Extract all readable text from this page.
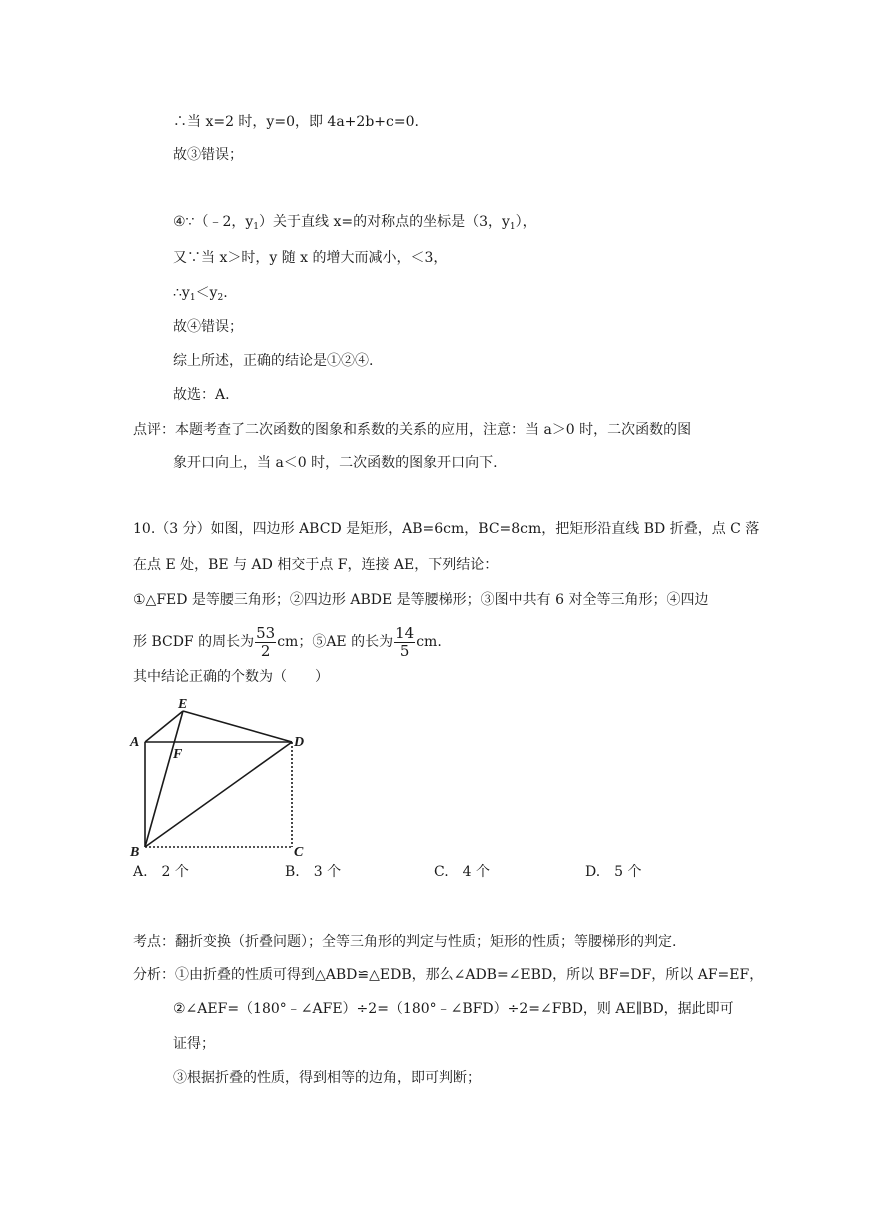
∴当 x=2 时，y=0，即 4a+2b+c=0.
故③错误；
④∵（﹣2，$y_1$）关于直线 x=的对称点的坐标是（3，$y_1$），
又∵当 x＞时，y 随 x 的增大而减小，＜3，
$\therefore y_1<y_2$.
故④错误；
综上所述，正确的结论是①②④.
故选：A.
点评：本题考查了二次函数的图象和系数的关系的应用，注意：当 a＞0 时，二次函数的图
象开口向上，当 a＜0 时，二次函数的图象开口向下.
10.（3 分）如图，四边形 ABCD 是矩形，AB=6cm，BC=8cm，把矩形沿直线 BD 折叠，点 C 落
在点 E 处，BE 与 AD 相交于点 F，连接 AE，下列结论：
①△FED 是等腰三角形；②四边形 ABDE 是等腰梯形；③图中共有 6 对全等三角形；④四边
形 BCDF 的周长为 $\frac{53}{2}$ cm；⑤AE 的长为 $\frac{14}{5}$ cm.
其中结论正确的个数为（　　）
E
A
F
D
B	C
A.　2 个	B.　3 个	C.　4 个	D.　5 个
考点：翻折变换（折叠问题）；全等三角形的判定与性质；矩形的性质；等腰梯形的判定.
分析：①由折叠的性质可得到△ABD≌△EDB，那么∠ADB=∠EBD，所以 BF=DF，所以 AF=EF，
②∠AEF=（180°﹣∠AFE）÷2=（180°﹣∠BFD）÷2=∠FBD，则 AE∥BD，据此即可
证得；
③根据折叠的性质，得到相等的边角，即可判断；
